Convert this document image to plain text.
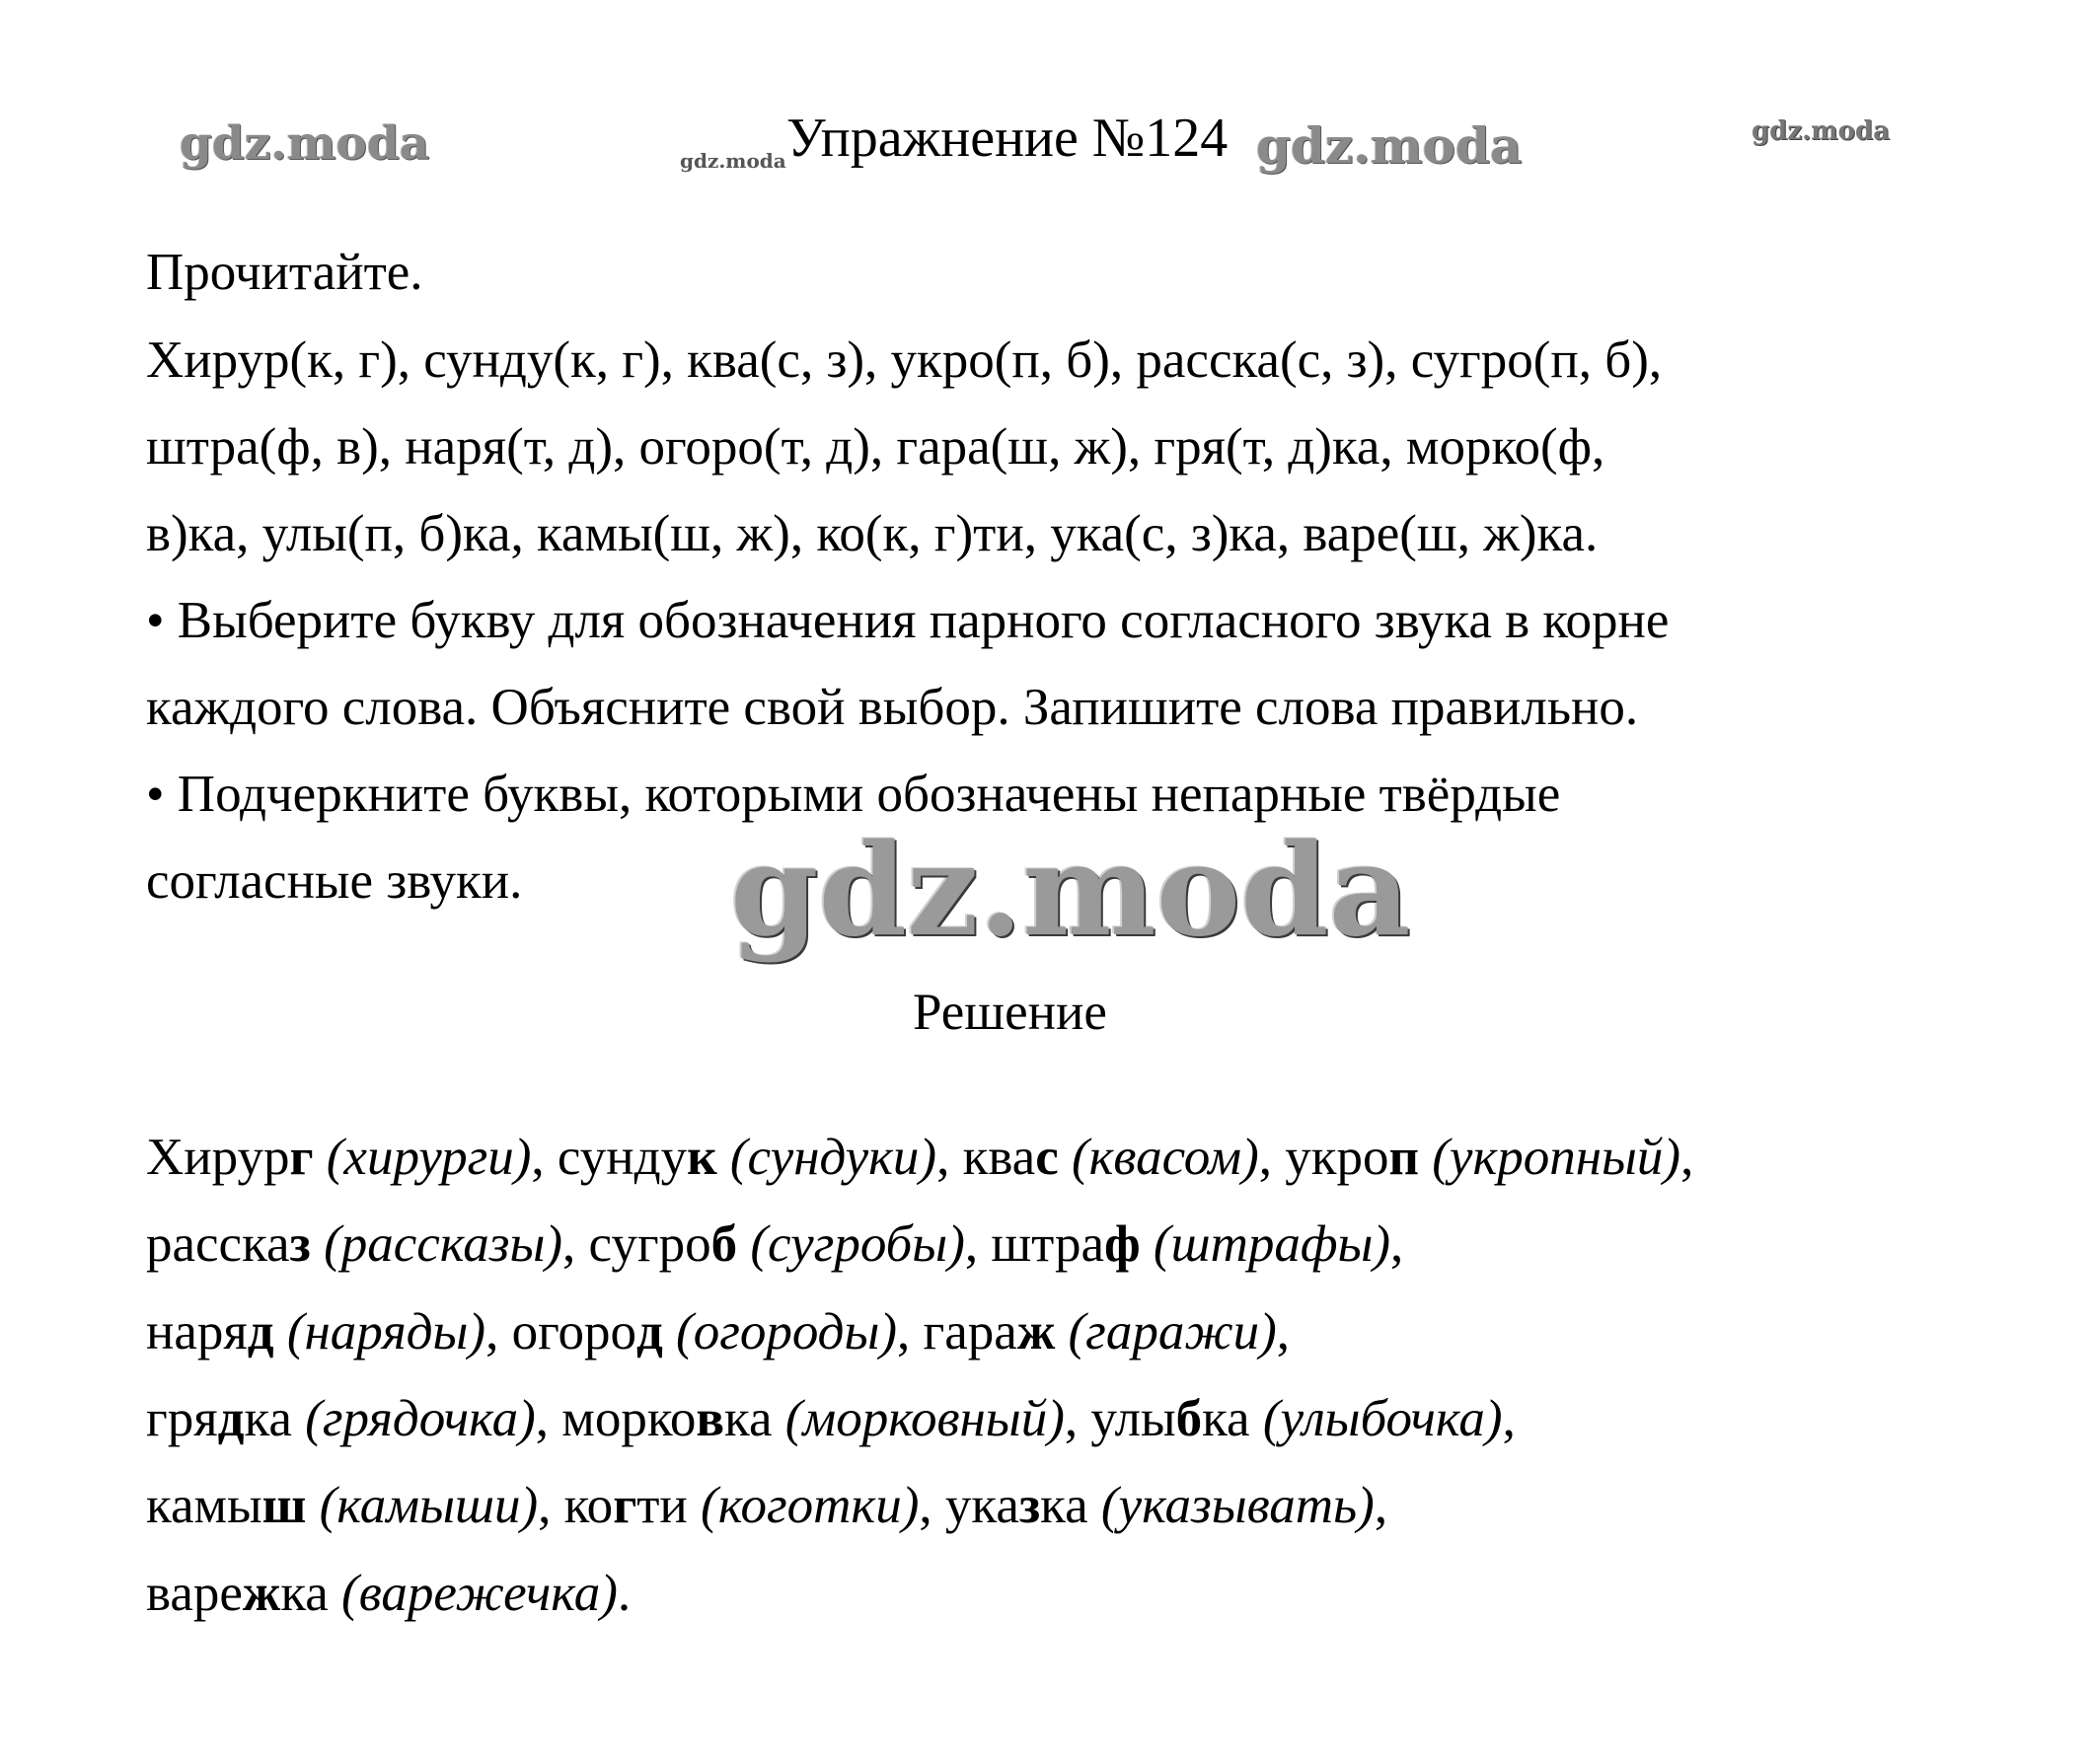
gdz.moda	gdz.moda Упражнение №124 gdz.moda	gdz.moda
Прочитайте.
Хирур(к, г), сунду(к, г), ква(с, з), укро(п, б), расска(с, з), сугро(п, б),
штра(ф, в), наря(т, д), огоро(т, д), гара(ш, ж), гря(т, д)ка, морко(ф,
в)ка, улы(п, б)ка, камы(ш, ж), ко(к, г)ти, ука(с, з)ка, варе(ш, ж)ка.
• Выберите букву для обозначения парного согласного звука в корне
каждого слова. Объясните свой выбор. Запишите слова правильно.
• Подчеркните буквы, которыми обозначены непарные твёрдые
согласные звуки. gdz.moda
Решение
Хирург (хирурги), сундук (сундуки), квас (квасом), укроп (укропный),
рассказ (рассказы), сугроб (сугробы), штраф (штрафы),
наряд (наряды), огород (огороды), гараж (гаражи),
грядка (грядочка), морковка (морковный), улыбка (улыбочка),
камыш (камыши), когти (коготки), указка (указывать),
варежка (варежечка).
